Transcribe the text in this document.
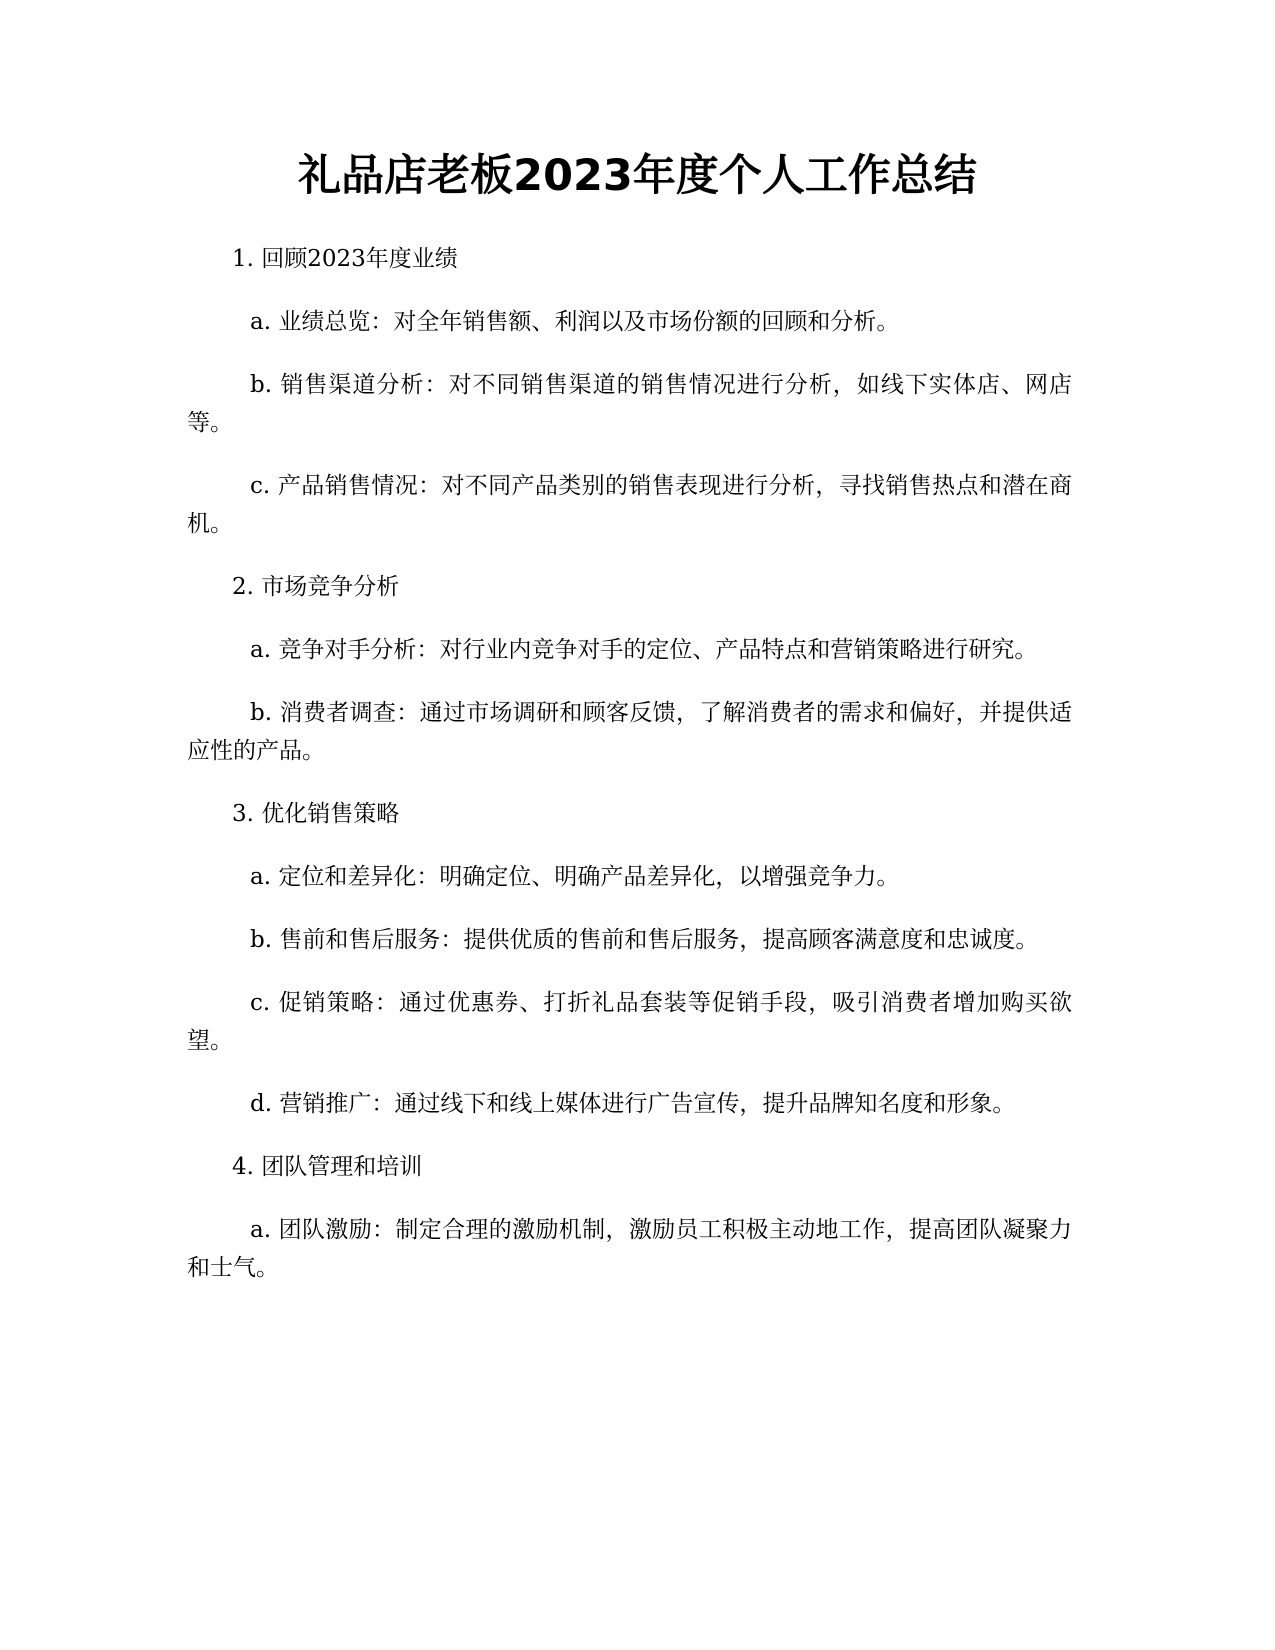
礼品店老板2023年度个人工作总结

1. 回顾2023年度业绩

a. 业绩总览：对全年销售额、利润以及市场份额的回顾和分析。

b. 销售渠道分析：对不同销售渠道的销售情况进行分析，如线下实体店、网店等。

c. 产品销售情况：对不同产品类别的销售表现进行分析，寻找销售热点和潜在商机。

2. 市场竞争分析

a. 竞争对手分析：对行业内竞争对手的定位、产品特点和营销策略进行研究。

b. 消费者调查：通过市场调研和顾客反馈，了解消费者的需求和偏好，并提供适应性的产品。

3. 优化销售策略

a. 定位和差异化：明确定位、明确产品差异化，以增强竞争力。

b. 售前和售后服务：提供优质的售前和售后服务，提高顾客满意度和忠诚度。

c. 促销策略：通过优惠券、打折礼品套装等促销手段，吸引消费者增加购买欲望。

d. 营销推广：通过线下和线上媒体进行广告宣传，提升品牌知名度和形象。

4. 团队管理和培训

a. 团队激励：制定合理的激励机制，激励员工积极主动地工作，提高团队凝聚力和士气。
